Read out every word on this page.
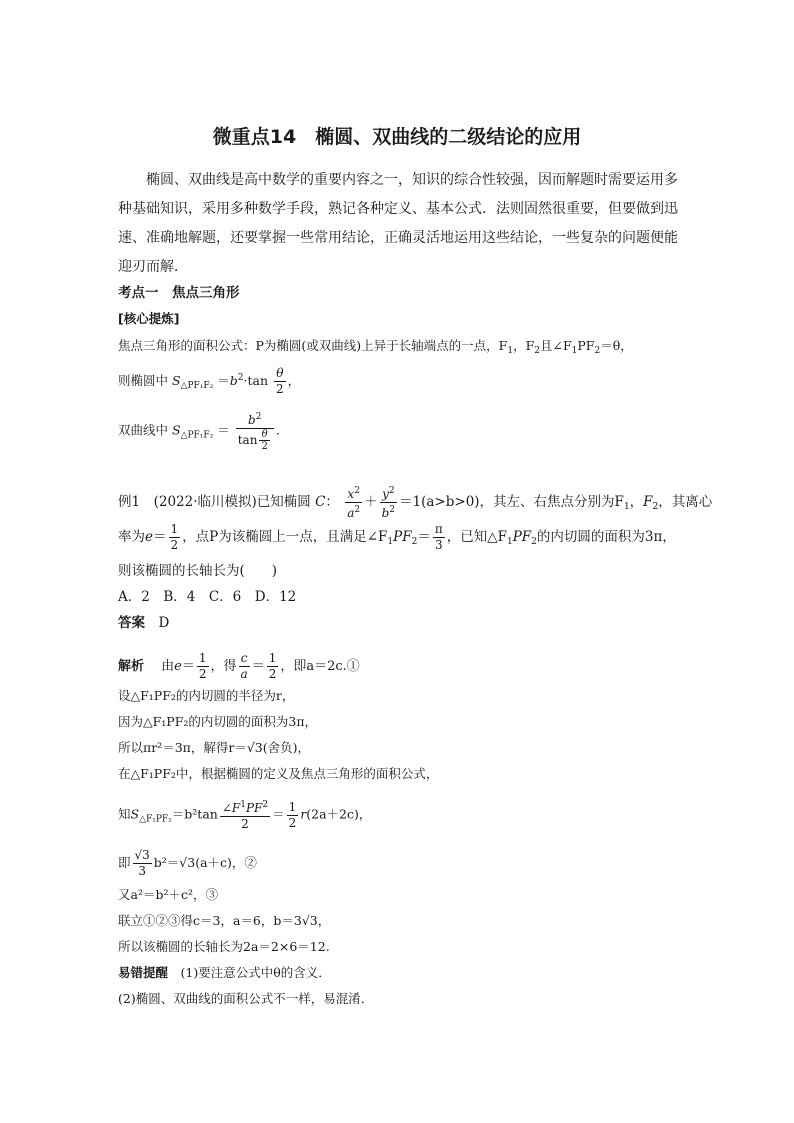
微重点14　椭圆、双曲线的二级结论的应用
椭圆、双曲线是高中数学的重要内容之一，知识的综合性较强，因而解题时需要运用多种基础知识，采用多种数学手段，熟记各种定义、基本公式．法则固然很重要，但要做到迅速、准确地解题，还要掌握一些常用结论，正确灵活地运用这些结论，一些复杂的问题便能迎刃而解．
考点一　焦点三角形
[核心提炼]
焦点三角形的面积公式：P为椭圆(或双曲线)上异于长轴端点的一点，$F_1$，$F_2$且$\angle F_1PF_2=\theta$，
则椭圆中 $S_{\triangle PF_1F_2} =b^2\cdot\tan \frac{\theta}{2}$ ，
双曲线中 $S_{\triangle PF_1F_2} = \frac{b^2}{\tan \frac{\theta}{2}}$ .
例1　(2022·临川模拟)已知椭圆 C： $\frac{x^2}{a^2} + \frac{y^2}{b^2} =1(a>b>0)$，其左、右焦点分别为$F_1$，$F_2$，其离心
率为$e= \frac{1}{2}$ ，点P为该椭圆上一点，且满足$\angle F_1PF_2= \frac{\pi}{3}$ ，已知$\triangle F_1PF_2$的内切圆的面积为3π，
则该椭圆的长轴长为(　　)
A．2　B．4　C．6　D．12
答案　 D
解析　 由$e= \frac{1}{2}$ ，得 $\frac{c}{a} = \frac{1}{2}$ ，即a＝2c.①
设△F₁PF₂的内切圆的半径为r，
因为△F₁PF₂的内切圆的面积为3π，
所以πr²＝3π，解得r＝√3(舍负)，
在△F₁PF₂中，根据椭圆的定义及焦点三角形的面积公式，
知$S_{\triangle F_1PF_2}=b^2\tan \frac{\angle F^1PF^2}{2} = \frac{1}{2} r(2a+2c)$，
即 $\frac{√3}{3} b^2=√3(a+c)$，②
又a²＝b²＋c²，③
联立①②③得c＝3，a＝6，b＝3√3，
所以该椭圆的长轴长为2a＝2×6＝12.
易错提醒　 (1)要注意公式中θ的含义．
(2)椭圆、双曲线的面积公式不一样，易混淆．
